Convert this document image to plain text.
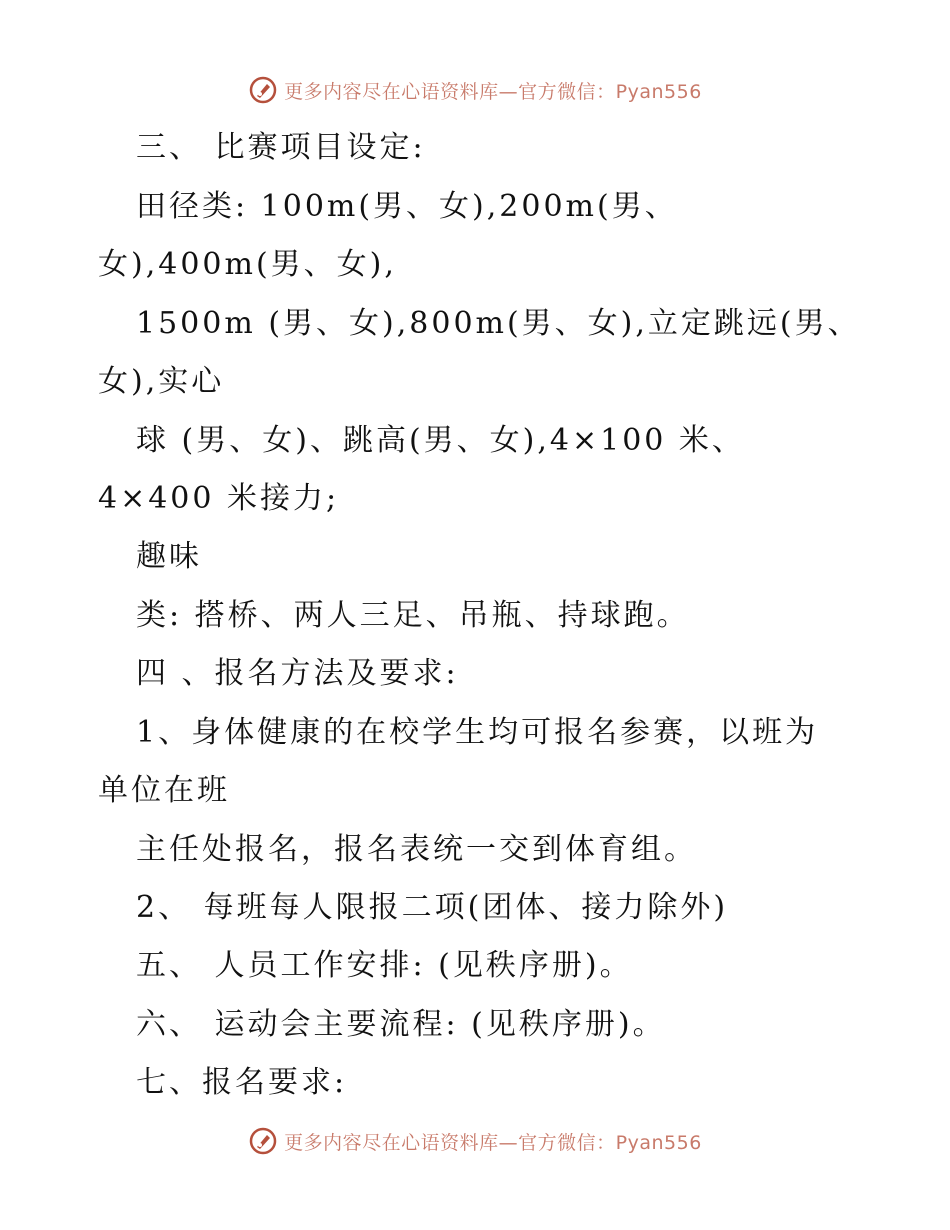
更多内容尽在心语资料库—官方微信：Pyan556
三、 比赛项目设定:
田径类: 100m(男、女),200m(男、
女),400m(男、女),
1500m (男、女),800m(男、女),立定跳远(男、
女),实心
球 (男、女)、跳高(男、女),4×100 米、
4×400 米接力;
趣味
类: 搭桥、两人三足、吊瓶、持球跑。
四 、报名方法及要求:
1、身体健康的在校学生均可报名参赛，以班为
单位在班
主任处报名，报名表统一交到体育组。
2、 每班每人限报二项(团体、接力除外)
五、 人员工作安排: (见秩序册)。
六、 运动会主要流程: (见秩序册)。
七、报名要求:
更多内容尽在心语资料库—官方微信：Pyan556
